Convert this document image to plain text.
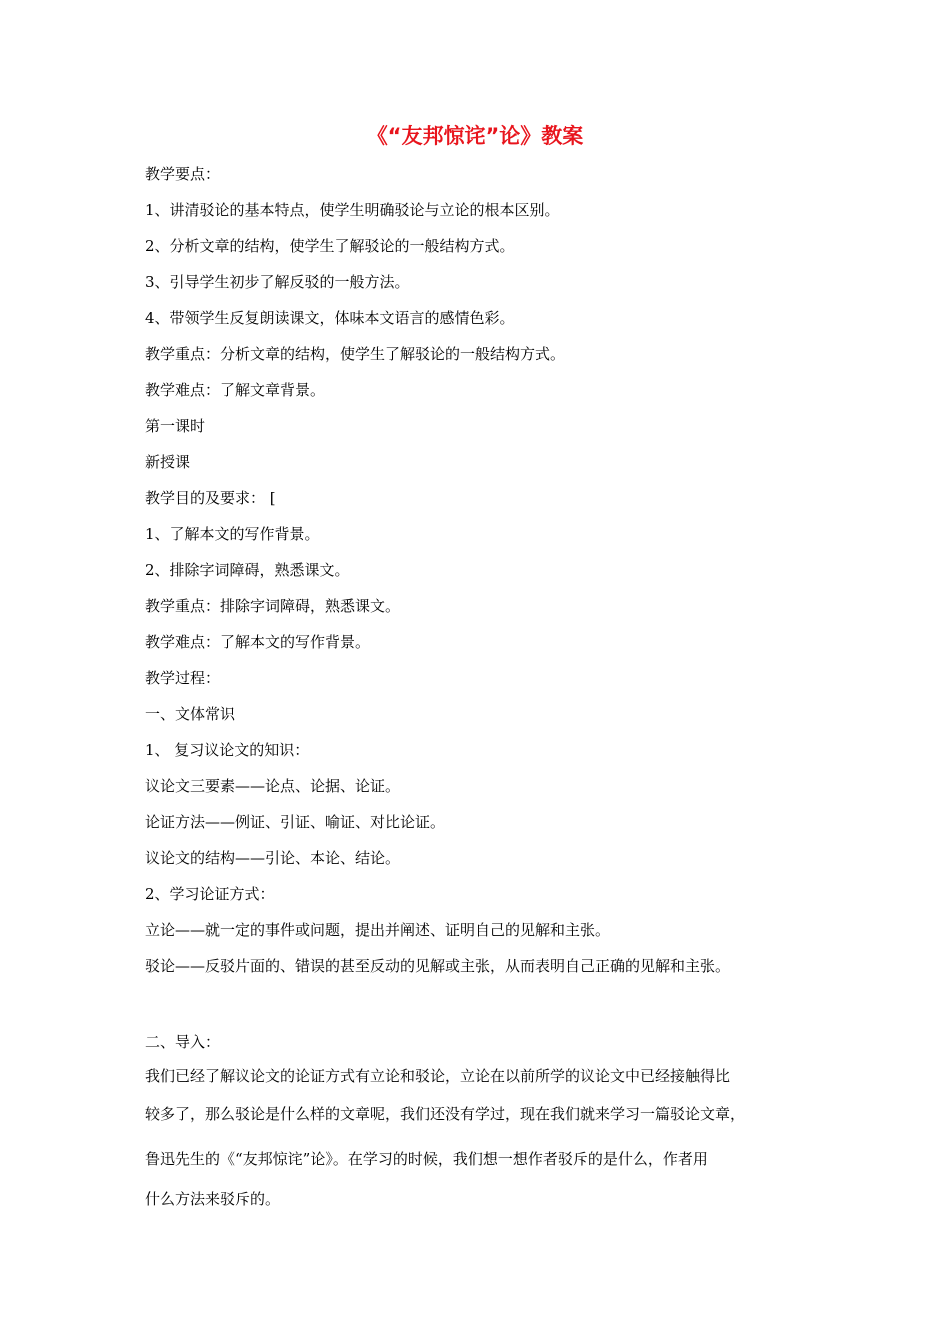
《“友邦惊诧”论》教案
教学要点：
1、讲清驳论的基本特点，使学生明确驳论与立论的根本区别。
2、分析文章的结构，使学生了解驳论的一般结构方式。
3、引导学生初步了解反驳的一般方法。
4、带领学生反复朗读课文，体味本文语言的感情色彩。
教学重点：分析文章的结构，使学生了解驳论的一般结构方式。
教学难点：了解文章背景。
第一课时
新授课
教学目的及要求： [
1、了解本文的写作背景。
2、排除字词障碍，熟悉课文。
教学重点：排除字词障碍，熟悉课文。
教学难点：了解本文的写作背景。
教学过程：
一、文体常识
1、 复习议论文的知识：
议论文三要素——论点、论据、论证。
论证方法——例证、引证、喻证、对比论证。
议论文的结构——引论、本论、结论。
2、学习论证方式：
立论——就一定的事件或问题，提出并阐述、证明自己的见解和主张。
驳论——反驳片面的、错误的甚至反动的见解或主张，从而表明自己正确的见解和主张。
二、导入：
我们已经了解议论文的论证方式有立论和驳论，立论在以前所学的议论文中已经接触得比
较多了，那么驳论是什么样的文章呢，我们还没有学过，现在我们就来学习一篇驳论文章，
鲁迅先生的《“友邦惊诧”论》。在学习的时候，我们想一想作者驳斥的是什么，作者用
什么方法来驳斥的。
